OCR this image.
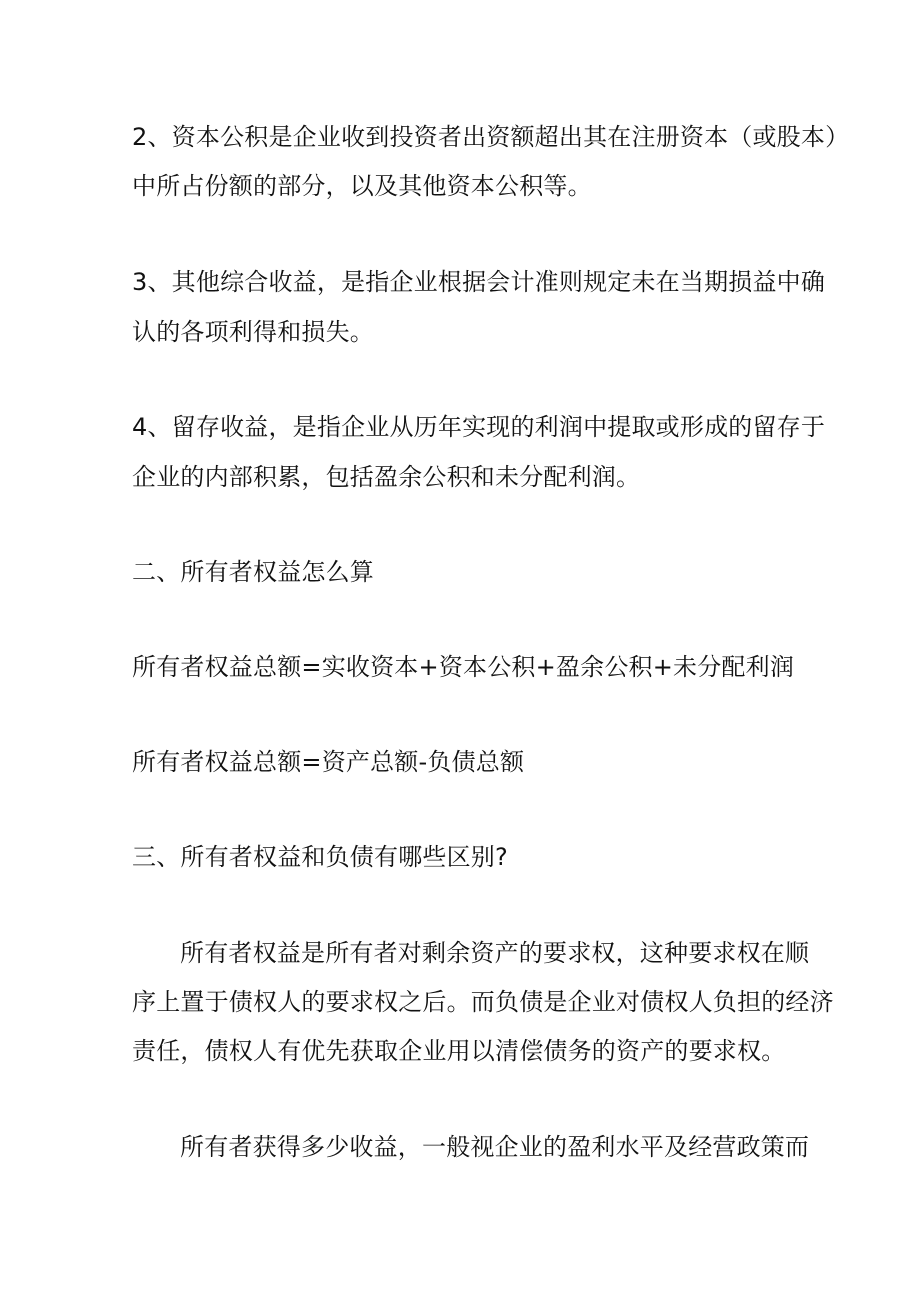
2、资本公积是企业收到投资者出资额超出其在注册资本（或股本）
中所占份额的部分，以及其他资本公积等。
3、其他综合收益，是指企业根据会计准则规定未在当期损益中确
认的各项利得和损失。
4、留存收益，是指企业从历年实现的利润中提取或形成的留存于
企业的内部积累，包括盈余公积和未分配利润。
二、所有者权益怎么算
所有者权益总额=实收资本+资本公积+盈余公积+未分配利润
所有者权益总额=资产总额-负债总额
三、所有者权益和负债有哪些区别?
所有者权益是所有者对剩余资产的要求权，这种要求权在顺
序上置于债权人的要求权之后。而负债是企业对债权人负担的经济
责任，债权人有优先获取企业用以清偿债务的资产的要求权。
所有者获得多少收益，一般视企业的盈利水平及经营政策而
